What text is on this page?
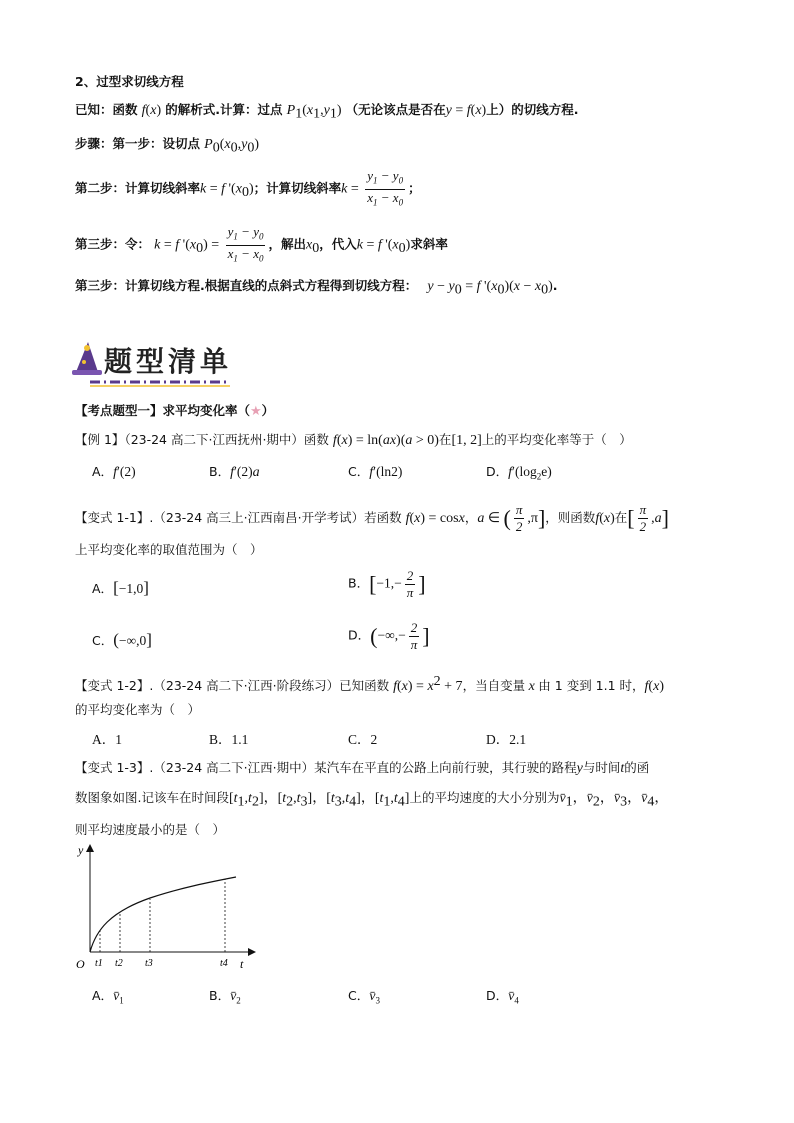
2、过型求切线方程
已知：函数 f(x) 的解析式.计算：过点 $P_1(x_1,y_1)$ （无论该点是否在y = f(x)上）的切线方程.
步骤：第一步：设切点 $P_0(x_0,y_0)$
第二步：计算切线斜率k = f '$(x_0)$；计算切线斜率$k = \frac{y_1 - y_0}{x_1 - x_0}$ ；
第三步：令： k = f '$(x_0) = \frac{y_1 - y_0}{x_1 - x_0}$ ，解出$x_0$，代入k = f '$(x_0)$求斜率
第三步：计算切线方程.根据直线的点斜式方程得到切线方程： $y - y_0 = f$ '$(x_0)(x - x_0)$.
题型清单
【考点题型一】求平均变化率（★）
【例 1】（23-24 高二下·江西抚州·期中）函数 f(x) = ln(ax)(a > 0)在[1, 2]上的平均变化率等于（　）
A．f′(2)	B．f′(2)a	C．f′(ln2)	D．$f'(\log_2e)$
【变式 1-1】.（23-24 高三上·江西南昌·开学考试）若函数 f(x) = cosx，a ∈ ( $\frac{\pi}{2} ,\pi$]，则函数f(x)在[ $\frac{\pi}{2} ,a$]
上平均变化率的取值范围为（　）
A．[−1,0]	B．[$-1,- \frac{2}{\pi}$ ]
C．(−∞,0]	D．(−∞,− $\frac{2}{\pi}$ ]
【变式 1-2】.（23-24 高二下·江西·阶段练习）已知函数 $f(x) = x^2 + 7$，当自变量 x 由 1 变到 1.1 时，f(x)
的平均变化率为（　）
A．1	B．1.1	C．2	D．2.1
【变式 1-3】.（23-24 高二下·江西·期中）某汽车在平直的公路上向前行驶，其行驶的路程y与时间t的函
数图象如图.记该车在时间段$[t_1,t_2]$，$[t_2,t_3]$，$[t_3,t_4]$，$[t_1,t_4]$上的平均速度的大小分别为$v̄_1$，$v̄_2$，$v̄_3$，$v̄_4$，
则平均速度最小的是（　）
y
t
O t1 t2 t3	t4
A．$v̄_1$	B．$v̄_2$	C．$v̄_3$	D．$v̄_4$
